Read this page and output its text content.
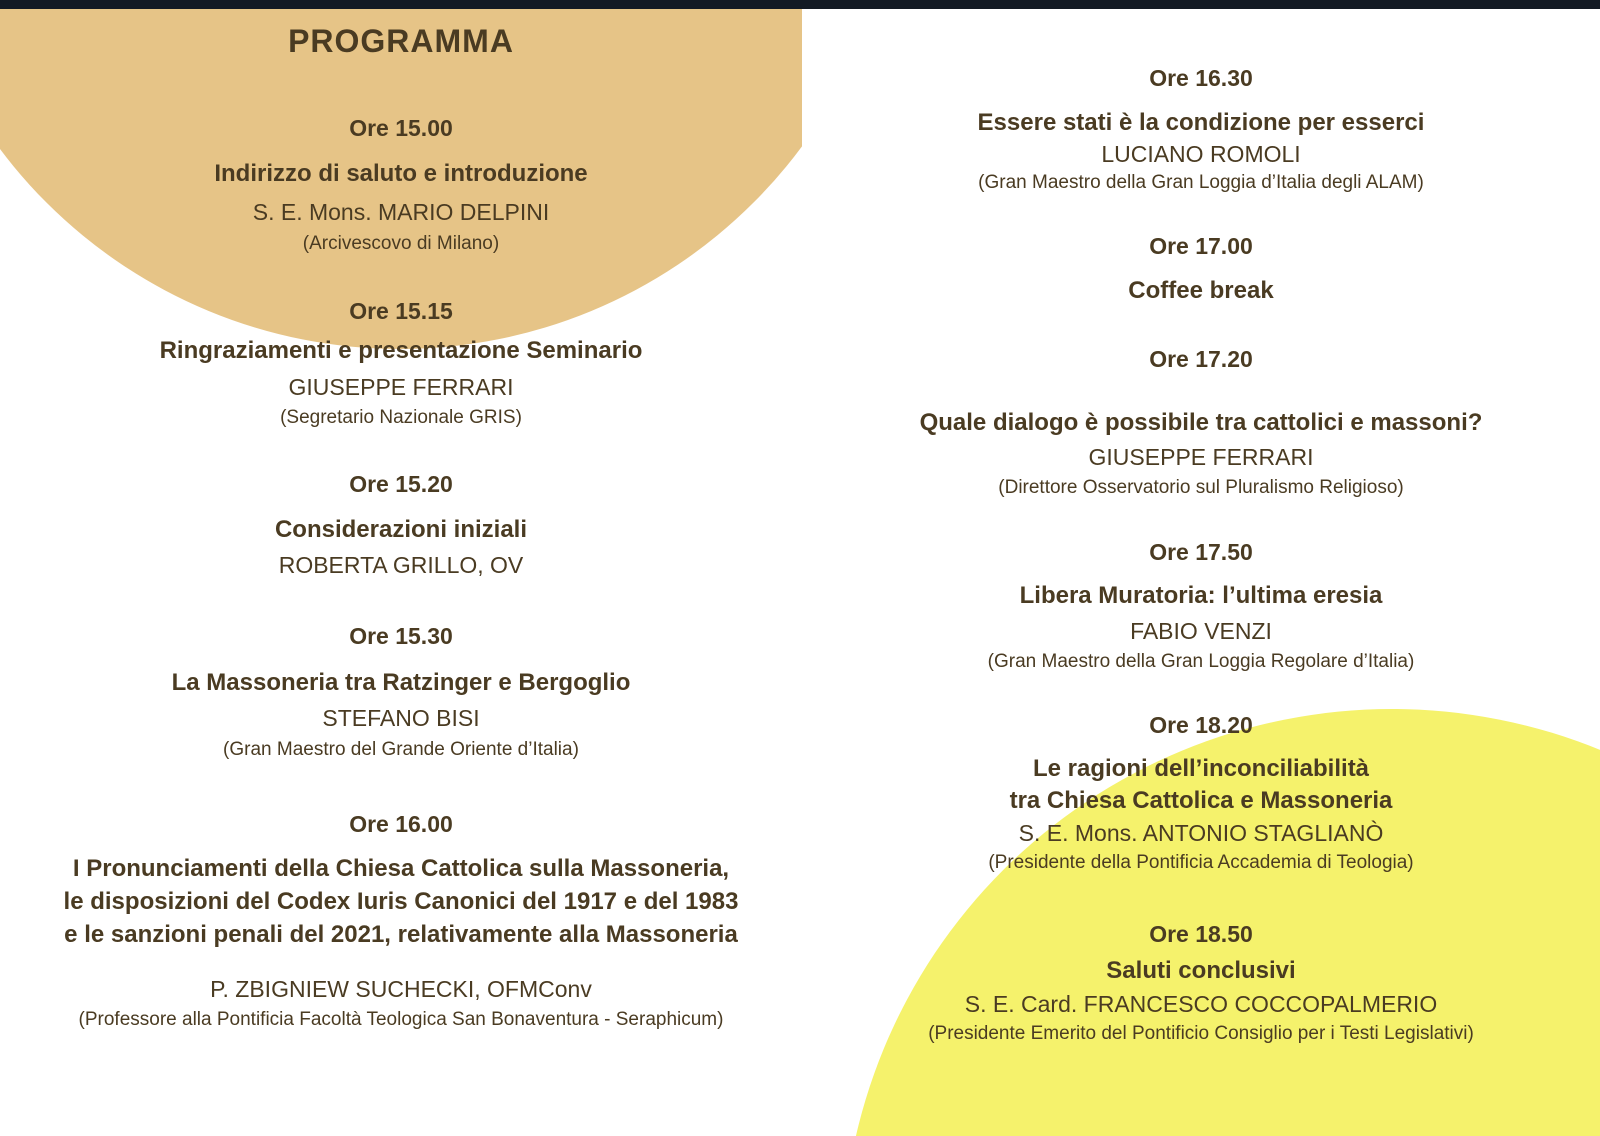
PROGRAMMA
Ore 15.00
Indirizzo di saluto e introduzione
S. E. Mons. MARIO DELPINI
(Arcivescovo di Milano)
Ore 15.15
Ringraziamenti e presentazione Seminario
GIUSEPPE FERRARI
(Segretario Nazionale GRIS)
Ore 15.20
Considerazioni iniziali
ROBERTA GRILLO, OV
Ore 15.30
La Massoneria tra Ratzinger e Bergoglio
STEFANO BISI
(Gran Maestro del Grande Oriente d’Italia)
Ore 16.00
I Pronunciamenti della Chiesa Cattolica sulla Massoneria,
le disposizioni del Codex Iuris Canonici del 1917 e del 1983
e le sanzioni penali del 2021, relativamente alla Massoneria
P. ZBIGNIEW SUCHECKI, OFMConv
(Professore alla Pontificia Facoltà Teologica San Bonaventura - Seraphicum)
Ore 16.30
Essere stati è la condizione per esserci
LUCIANO ROMOLI
(Gran Maestro della Gran Loggia d’Italia degli ALAM)
Ore 17.00
Coffee break
Ore 17.20
Quale dialogo è possibile tra cattolici e massoni?
GIUSEPPE FERRARI
(Direttore Osservatorio sul Pluralismo Religioso)
Ore 17.50
Libera Muratoria: l’ultima eresia
FABIO VENZI
(Gran Maestro della Gran Loggia Regolare d’Italia)
Ore 18.20
Le ragioni dell’inconciliabilità
tra Chiesa Cattolica e Massoneria
S. E. Mons. ANTONIO STAGLIANÒ
(Presidente della Pontificia Accademia di Teologia)
Ore 18.50
Saluti conclusivi
S. E. Card. FRANCESCO COCCOPALMERIO
(Presidente Emerito del Pontificio Consiglio per i Testi Legislativi)
